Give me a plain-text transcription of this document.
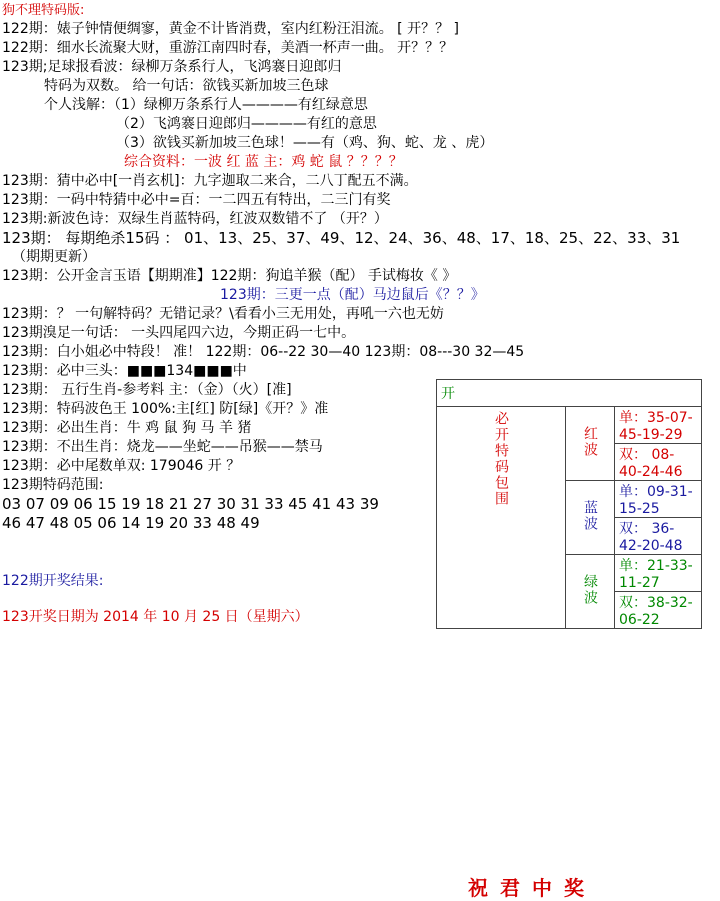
狗不理特码版:
122期：婊子钟情便绸寥，黄金不计皆消费，室内红粉汪泪流。 [ 开？？ ]
122期：细水长流聚大财，重游江南四时春，美酒一杯声一曲。 开？？？
123期;足球报看波：绿柳万条系行人，飞鸿褰日迎郎归
特码为双数。 给一句话：欲钱买新加坡三色球
个人浅解：（1）绿柳万条系行人————有红绿意思
（2）飞鸿褰日迎郎归————有红的意思
（3）欲钱买新加坡三色球！——有（鸡、狗、蛇、龙 、虎）
综合资料：一波 红 蓝 主：鸡 蛇 鼠 ？？？？
123期：猜中必中[一肖玄机]：九字迦取二来合，二八丁配五不满。
123期：一码中特猜中必中=百：一二四五有特出，二三门有奖
123期:新波色诗：双绿生肖蓝特码，红波双数错不了 （开？）
123期： 每期绝杀15码 ： 01、13、25、37、49、12、24、36、48、17、18、25、22、33、31
（期期更新）
123期：公开金言玉语【期期准】122期：狗追羊猴（配） 手试梅妆《 》
123期：三更一点（配）马边鼠后《？？》
123期：？ 一句解特码？无错记录？\看看小三无用处，再吼一六也无妨
123期溴足一句话： 一头四尾四六边，今期正码一七中。
123期：白小姐必中特段！ 准！ 122期：06--22 30—40 123期：08---30 32—45
123期：必中三头：■■■134■■■中
123期： 五行生肖-参考料 主：（金）（火）[准]
123期：特码波色王 100%:主[红] 防[绿]《开？》准
123期：必出生肖：牛 鸡 鼠 狗 马 羊 猪
123期：不出生肖：烧龙——坐蛇——吊猴——禁马
123期：必中尾数单双: 179046 开 ？
123期特码范围:
03 07 09 06 15 19 18 21 27 30 31 33 45 41 43 39
46 47 48 05 06 14 19 20 33 48 49
开		
必开特码包围	红波	单：35-07-45-19-29
		双： 08-40-24-46
	蓝波	单：09-31-15-25
		双： 36-42-20-48
	绿波	单：21-33-11-27
		双：38-32-06-22
122期开奖结果:
123开奖日期为 2014 年 10 月 25 日（星期六）
祝君中奖
